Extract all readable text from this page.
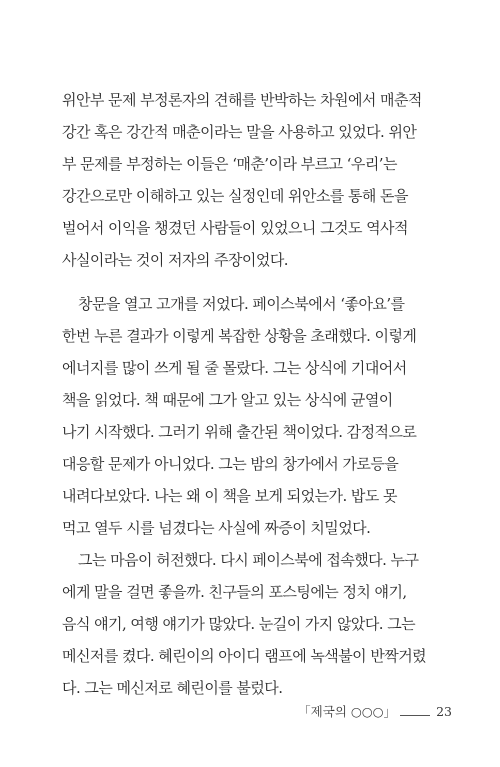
위안부 문제 부정론자의 견해를 반박하는 차원에서 매춘적
강간 혹은 강간적 매춘이라는 말을 사용하고 있었다. 위안
부 문제를 부정하는 이들은 ‘매춘’이라 부르고 ‘우리’는
강간으로만 이해하고 있는 실정인데 위안소를 통해 돈을
벌어서 이익을 챙겼던 사람들이 있었으니 그것도 역사적
사실이라는 것이 저자의 주장이었다.
창문을 열고 고개를 저었다. 페이스북에서 ‘좋아요’를
한번 누른 결과가 이렇게 복잡한 상황을 초래했다. 이렇게
에너지를 많이 쓰게 될 줄 몰랐다. 그는 상식에 기대어서
책을 읽었다. 책 때문에 그가 알고 있는 상식에 균열이
나기 시작했다. 그러기 위해 출간된 책이었다. 감정적으로
대응할 문제가 아니었다. 그는 밤의 창가에서 가로등을
내려다보았다. 나는 왜 이 책을 보게 되었는가. 밥도 못
먹고 열두 시를 넘겼다는 사실에 짜증이 치밀었다.
그는 마음이 허전했다. 다시 페이스북에 접속했다. 누구
에게 말을 걸면 좋을까. 친구들의 포스팅에는 정치 얘기,
음식 얘기, 여행 얘기가 많았다. 눈길이 가지 않았다. 그는
메신저를 켰다. 혜린이의 아이디 램프에 녹색불이 반짝거렸
다. 그는 메신저로 혜린이를 불렀다.
「제국의 ○○○」	23
